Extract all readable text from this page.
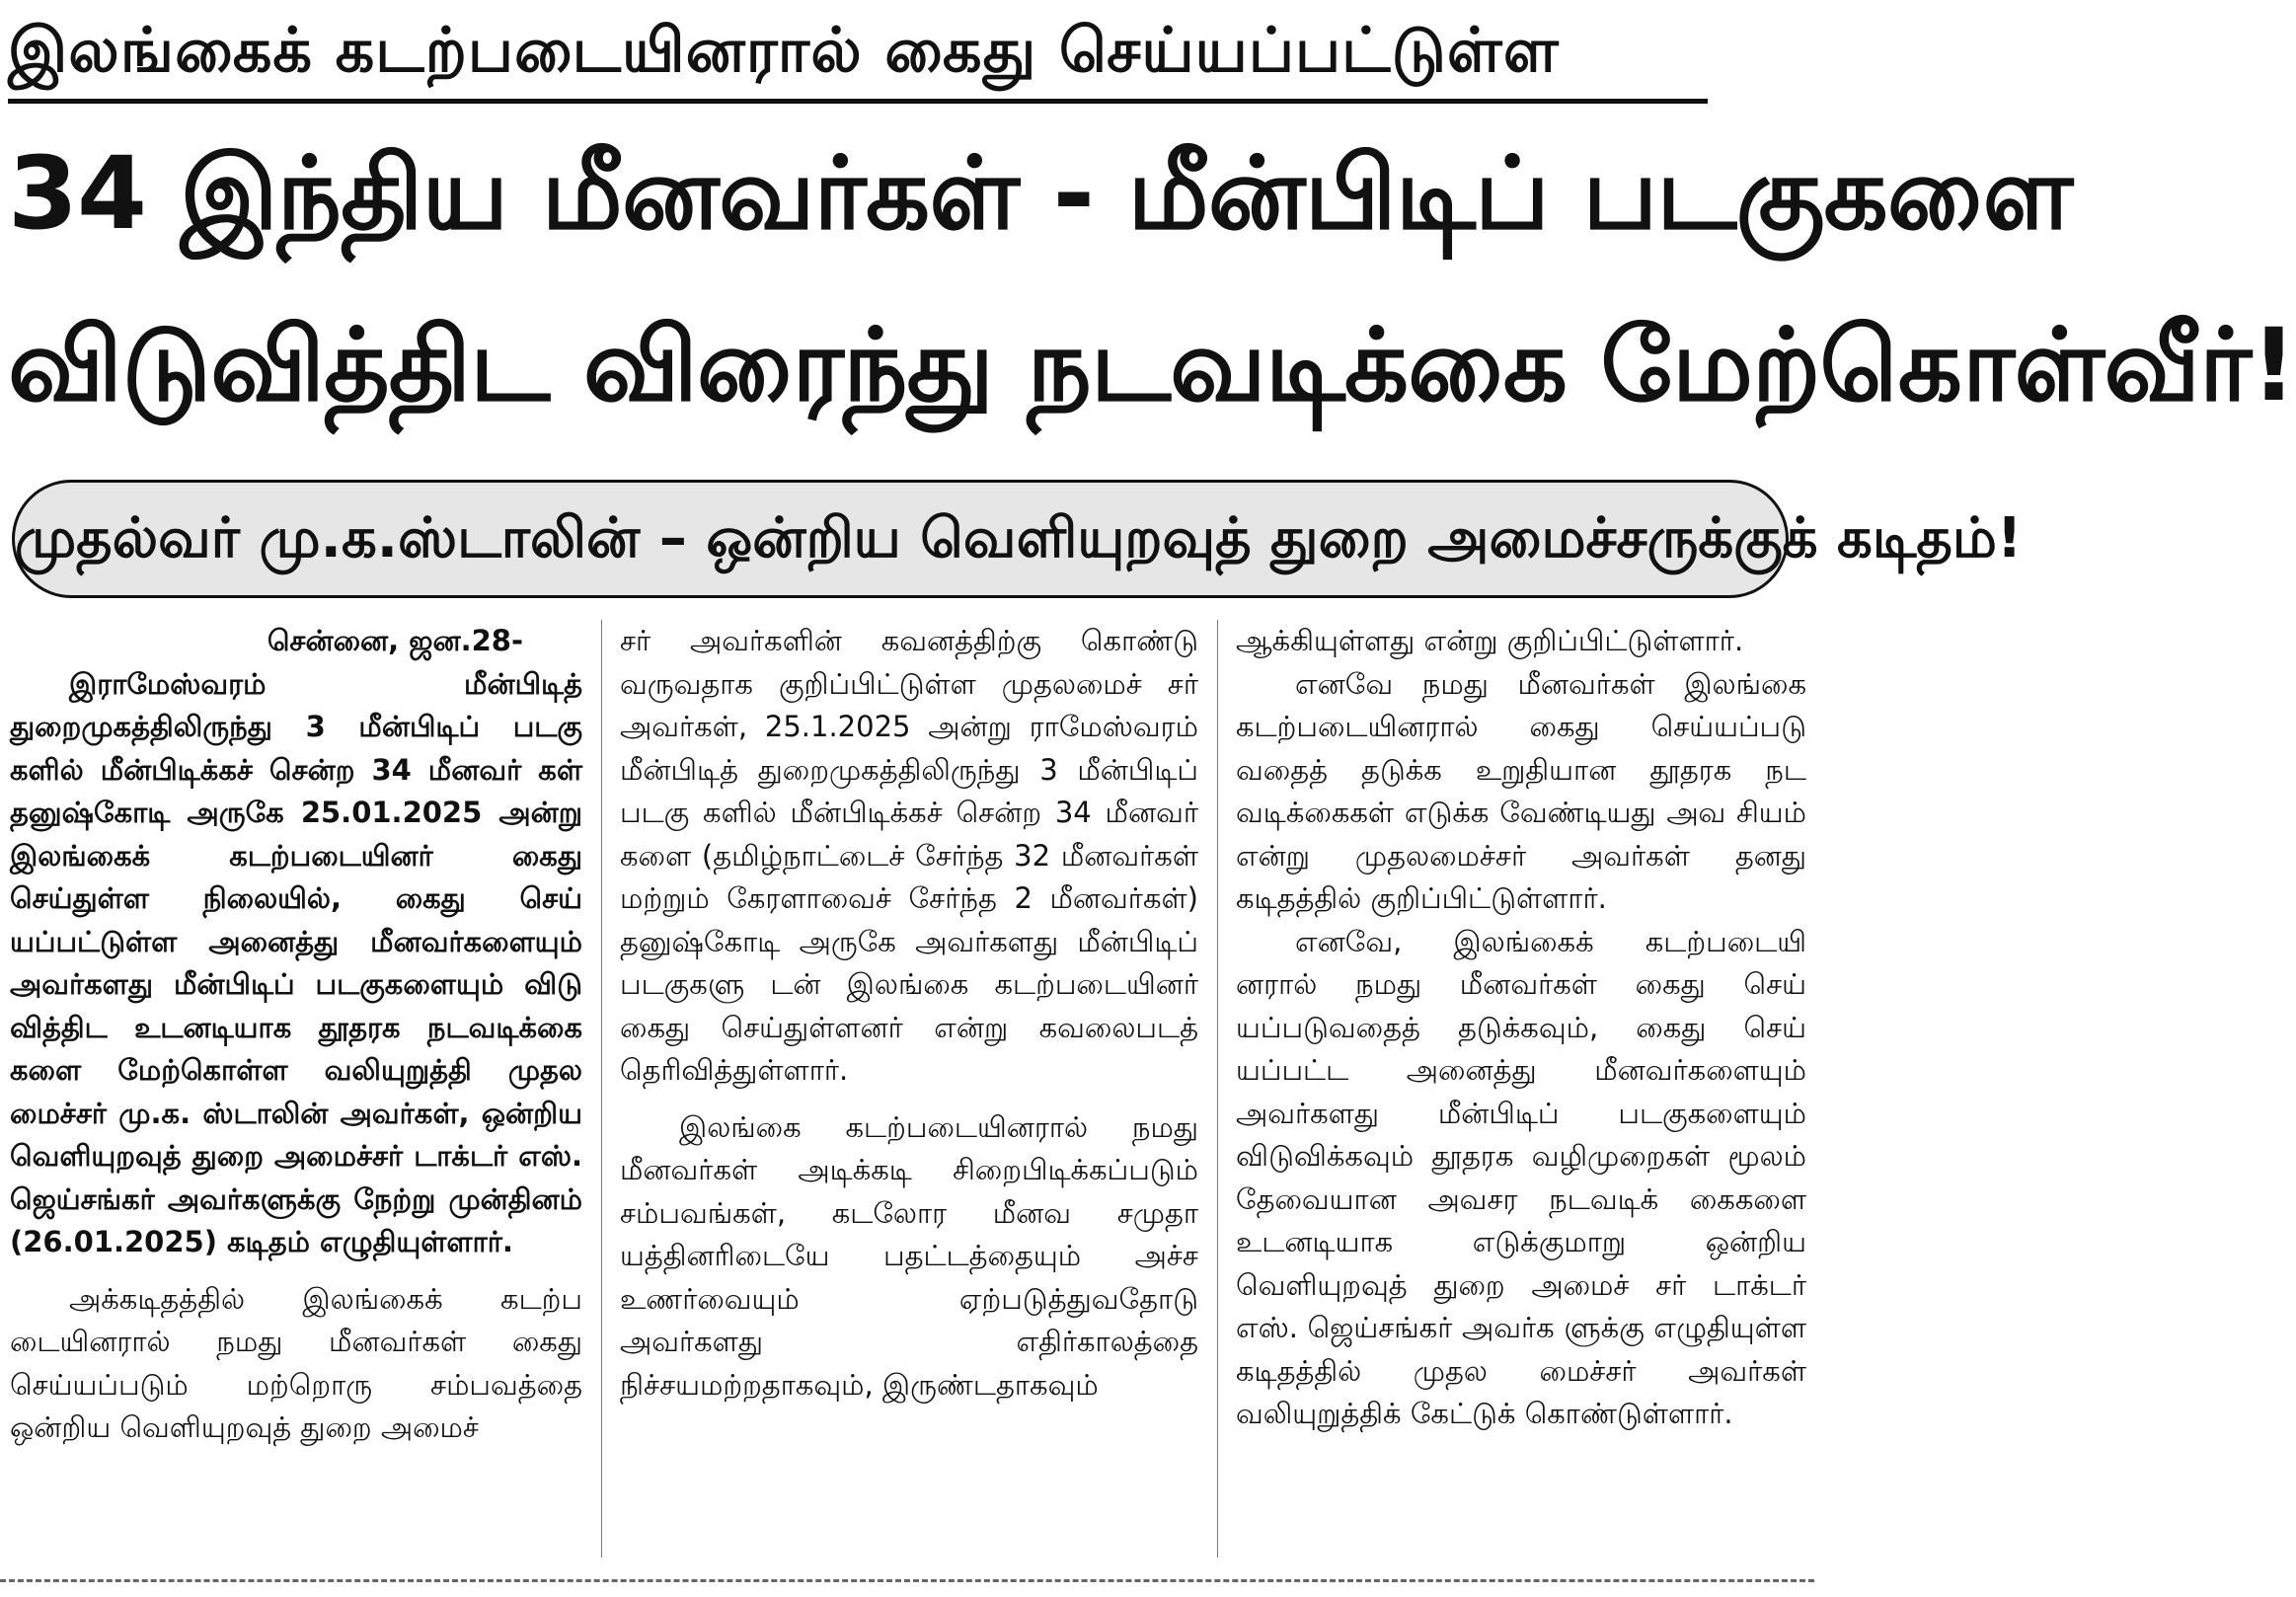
இலங்கைக் கடற்படையினரால் கைது செய்யப்பட்டுள்ள
34 இந்திய மீனவர்கள் - மீன்பிடிப் படகுகளை
விடுவித்திட விரைந்து நடவடிக்கை மேற்கொள்வீர்!
முதல்வர் மு.க.ஸ்டாலின் – ஒன்றிய வெளியுறவுத் துறை அமைச்சருக்குக் கடிதம்!

சென்னை, ஜன.28-

இராமேஸ்வரம் மீன்பிடித் துறைமுகத்திலிருந்து 3 மீன்பிடிப் படகு களில் மீன்பிடிக்கச் சென்ற 34 மீனவர் கள் தனுஷ்கோடி அருகே 25.01.2025 அன்று இலங்கைக் கடற்படையினர் கைது செய்துள்ள நிலையில், கைது செய் யப்பட்டுள்ள அனைத்து மீனவர்களையும் அவர்களது மீன்பிடிப் படகுகளையும் விடு வித்திட உடனடியாக தூதரக நடவடிக்கை களை மேற்கொள்ள வலியுறுத்தி முதல மைச்சர் மு.க. ஸ்டாலின் அவர்கள், ஒன்றிய வெளியுறவுத் துறை அமைச்சர் டாக்டர் எஸ். ஜெய்சங்கர் அவர்களுக்கு நேற்று முன்தினம் (26.01.2025) கடிதம் எழுதியுள்ளார்.

அக்கடிதத்தில் இலங்கைக் கடற்ப டையினரால் நமது மீனவர்கள் கைது செய்யப்படும் மற்றொரு சம்பவத்தை ஒன்றிய வெளியுறவுத் துறை அமைச்

சர் அவர்களின் கவனத்திற்கு கொண்டு வருவதாக குறிப்பிட்டுள்ள முதலமைச் சர் அவர்கள், 25.1.2025 அன்று ராமேஸ்வரம் மீன்பிடித் துறைமுகத்திலிருந்து 3 மீன்பிடிப் படகு களில் மீன்பிடிக்கச் சென்ற 34 மீனவர் களை (தமிழ்நாட்டைச் சேர்ந்த 32 மீனவர்கள் மற்றும் கேரளாவைச் சேர்ந்த 2 மீனவர்கள்) தனுஷ்கோடி அருகே அவர்களது மீன்பிடிப் படகுகளு டன் இலங்கை கடற்படையினர் கைது செய்துள்ளனர் என்று கவலைபடத் தெரிவித்துள்ளார்.

இலங்கை கடற்படையினரால் நமது மீனவர்கள் அடிக்கடி சிறைபிடிக்கப்படும் சம்பவங்கள், கடலோர மீனவ சமுதா யத்தினரிடையே பதட்டத்தையும் அச்ச உணர்வையும் ஏற்படுத்துவதோடு அவர்களது எதிர்காலத்தை நிச்சயமற்றதாகவும், இருண்டதாகவும்

ஆக்கியுள்ளது என்று குறிப்பிட்டுள்ளார்.

எனவே நமது மீனவர்கள் இலங்கை கடற்படையினரால் கைது செய்யப்படு வதைத் தடுக்க உறுதியான தூதரக நட வடிக்கைகள் எடுக்க வேண்டியது அவ சியம் என்று முதலமைச்சர் அவர்கள் தனது கடிதத்தில் குறிப்பிட்டுள்ளார்.

எனவே, இலங்கைக் கடற்படையி னரால் நமது மீனவர்கள் கைது செய் யப்படுவதைத் தடுக்கவும், கைது செய் யப்பட்ட அனைத்து மீனவர்களையும் அவர்களது மீன்பிடிப் படகுகளையும் விடுவிக்கவும் தூதரக வழிமுறைகள் மூலம் தேவையான அவசர நடவடிக் கைகளை உடனடியாக எடுக்குமாறு ஒன்றிய வெளியுறவுத் துறை அமைச் சர் டாக்டர் எஸ். ஜெய்சங்கர் அவர்க ளுக்கு எழுதியுள்ள கடிதத்தில் முதல மைச்சர் அவர்கள் வலியுறுத்திக் கேட்டுக் கொண்டுள்ளார்.
